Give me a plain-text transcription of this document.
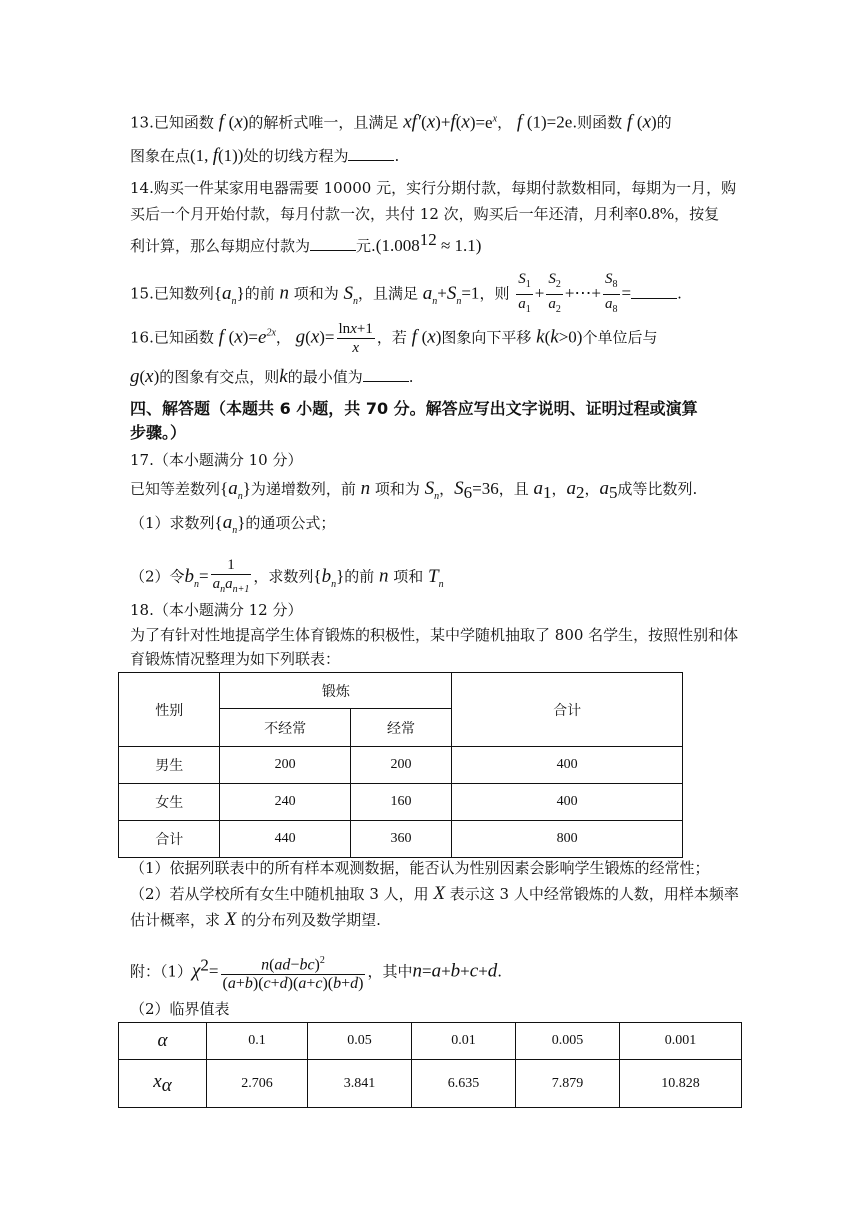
13.已知函数 f (x)的解析式唯一，且满足 $xf'(x)+f(x)=e^x$， f (1)=2e.则函数 f (x)的
图象在点(1, f(1))处的切线方程为	.
14.购买一件某家用电器需要 10000 元，实行分期付款，每期付款数相同，每期为一月，购
买后一个月开始付款，每月付款一次，共付 12 次，购买后一年还清，月利率0.8%，按复
利计算，那么每期应付款为	元$.(1.008^{12} \approx 1.1)$
15.已知数列$\{a_n\}$的前 n 项和为 $S_n$，且满足 $a_n+S_n=1$，则 $\frac{S_1}{a_1} + \frac{S_2}{a_2}$ +⋯+ $\frac{S_8}{a_8}$ =	.
16.已知函数 f $(x)=e^{2x}$， $g(x)= \frac{\ln x+1}{x}$ ，若 f (x)图象向下平移 k(k>0)个单位后与
g(x)的图象有交点，则k的最小值为	.
四、解答题（本题共 6 小题，共 70 分。解答应写出文字说明、证明过程或演算
步骤。）
17.（本小题满分 10 分）
已知等差数列$\{a_n\}$为递增数列，前 n 项和为 $S_n$，$S_6=36$，且 $a_1$，$a_2$，$a_5$成等比数列.
（1）求数列$\{a_n\}$的通项公式；
（2）令$b_n= \frac{1}{a_na_{n+1}}$ ，求数列$\{b_n\}$的前 n 项和 $T_n$
18.（本小题满分 12 分）
为了有针对性地提高学生体育锻炼的积极性，某中学随机抽取了 800 名学生，按照性别和体
育锻炼情况整理为如下列联表：
性别	锻炼		合计
	不经常	经常	
男生	200	200	400
女生	240	160	400
合计	440	360	800
（1）依据列联表中的所有样本观测数据，能否认为性别因素会影响学生锻炼的经常性；
（2）若从学校所有女生中随机抽取 3 人，用 X 表示这 3 人中经常锻炼的人数，用样本频率
估计概率，求 X 的分布列及数学期望.
附：$(1)\chi^2= \frac{n(ad-bc)^2}{(a+b)(c+d)(a+c)(b+d)}$ ，其中n=a+b+c+d.
（2）临界值表
α	0.1	0.05	0.01	0.005	0.001
$x_\alpha$	2.706	3.841	6.635	7.879	10.828
